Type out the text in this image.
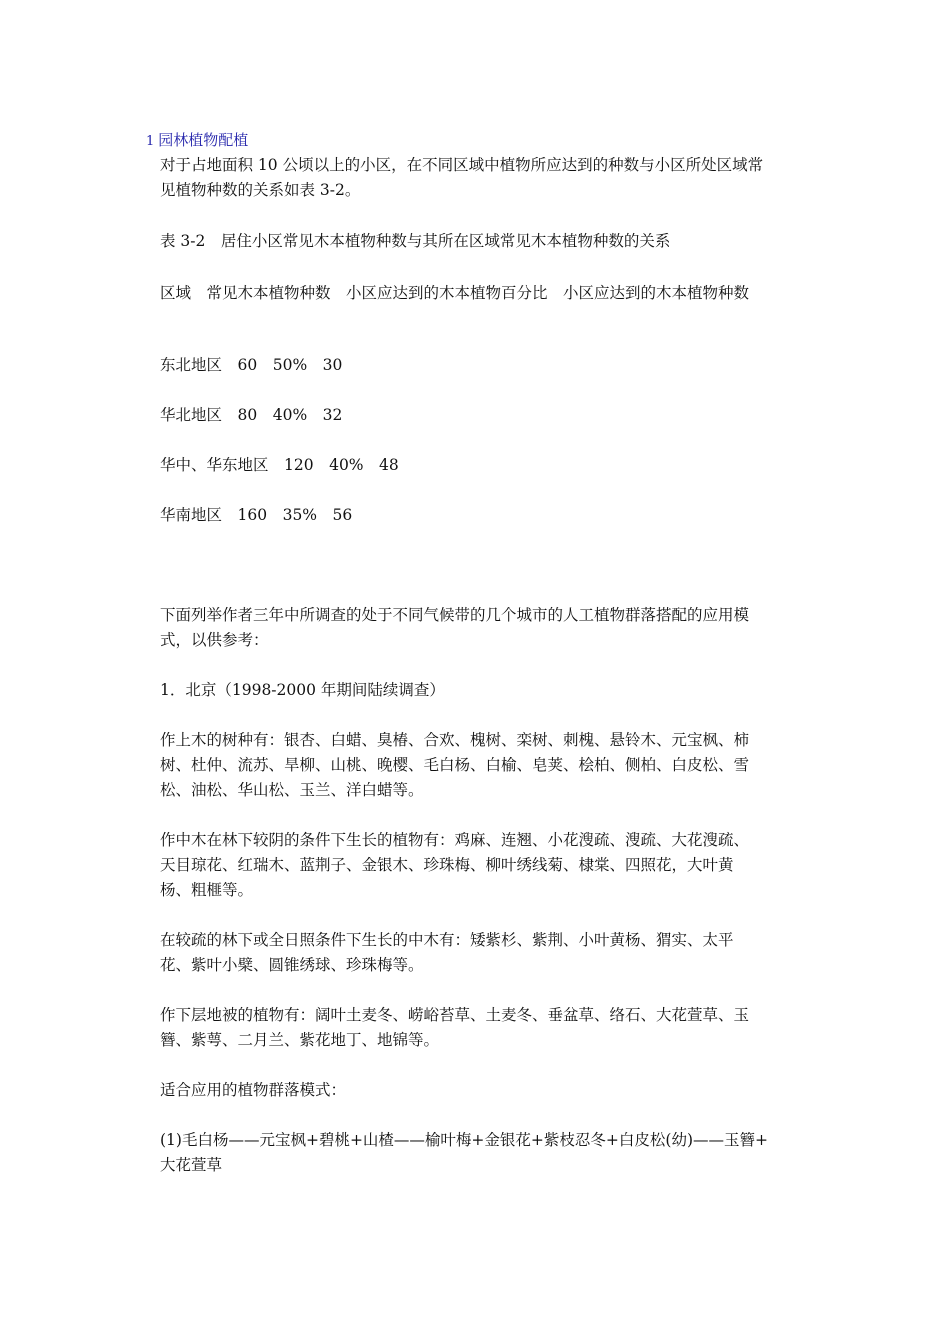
1 园林植物配植
对于占地面积 10 公顷以上的小区，在不同区域中植物所应达到的种数与小区所处区域常
见植物种数的关系如表 3-2。
表 3-2　居住小区常见木本植物种数与其所在区域常见木本植物种数的关系
区域　常见木本植物种数　小区应达到的木本植物百分比　小区应达到的木本植物种数
东北地区　60　50%　30
华北地区　80　40%　32
华中、华东地区　120　40%　48
华南地区　160　35%　56
下面列举作者三年中所调查的处于不同气候带的几个城市的人工植物群落搭配的应用模
式，以供参考：
1．北京（1998-2000 年期间陆续调查）
作上木的树种有：银杏、白蜡、臭椿、合欢、槐树、栾树、刺槐、悬铃木、元宝枫、柿
树、杜仲、流苏、旱柳、山桃、晚樱、毛白杨、白榆、皂荚、桧柏、侧柏、白皮松、雪
松、油松、华山松、玉兰、洋白蜡等。
作中木在林下较阴的条件下生长的植物有：鸡麻、连翘、小花溲疏、溲疏、大花溲疏、
天目琼花、红瑞木、蓝荆子、金银木、珍珠梅、柳叶绣线菊、棣棠、四照花，大叶黄
杨、粗榧等。
在较疏的林下或全日照条件下生长的中木有：矮紫杉、紫荆、小叶黄杨、猬实、太平
花、紫叶小檗、圆锥绣球、珍珠梅等。
作下层地被的植物有：阔叶土麦冬、崂峪苔草、土麦冬、垂盆草、络石、大花萱草、玉
簪、紫萼、二月兰、紫花地丁、地锦等。
适合应用的植物群落模式：
(1)毛白杨——元宝枫+碧桃+山楂——榆叶梅+金银花+紫枝忍冬+白皮松(幼)——玉簪+
大花萱草
